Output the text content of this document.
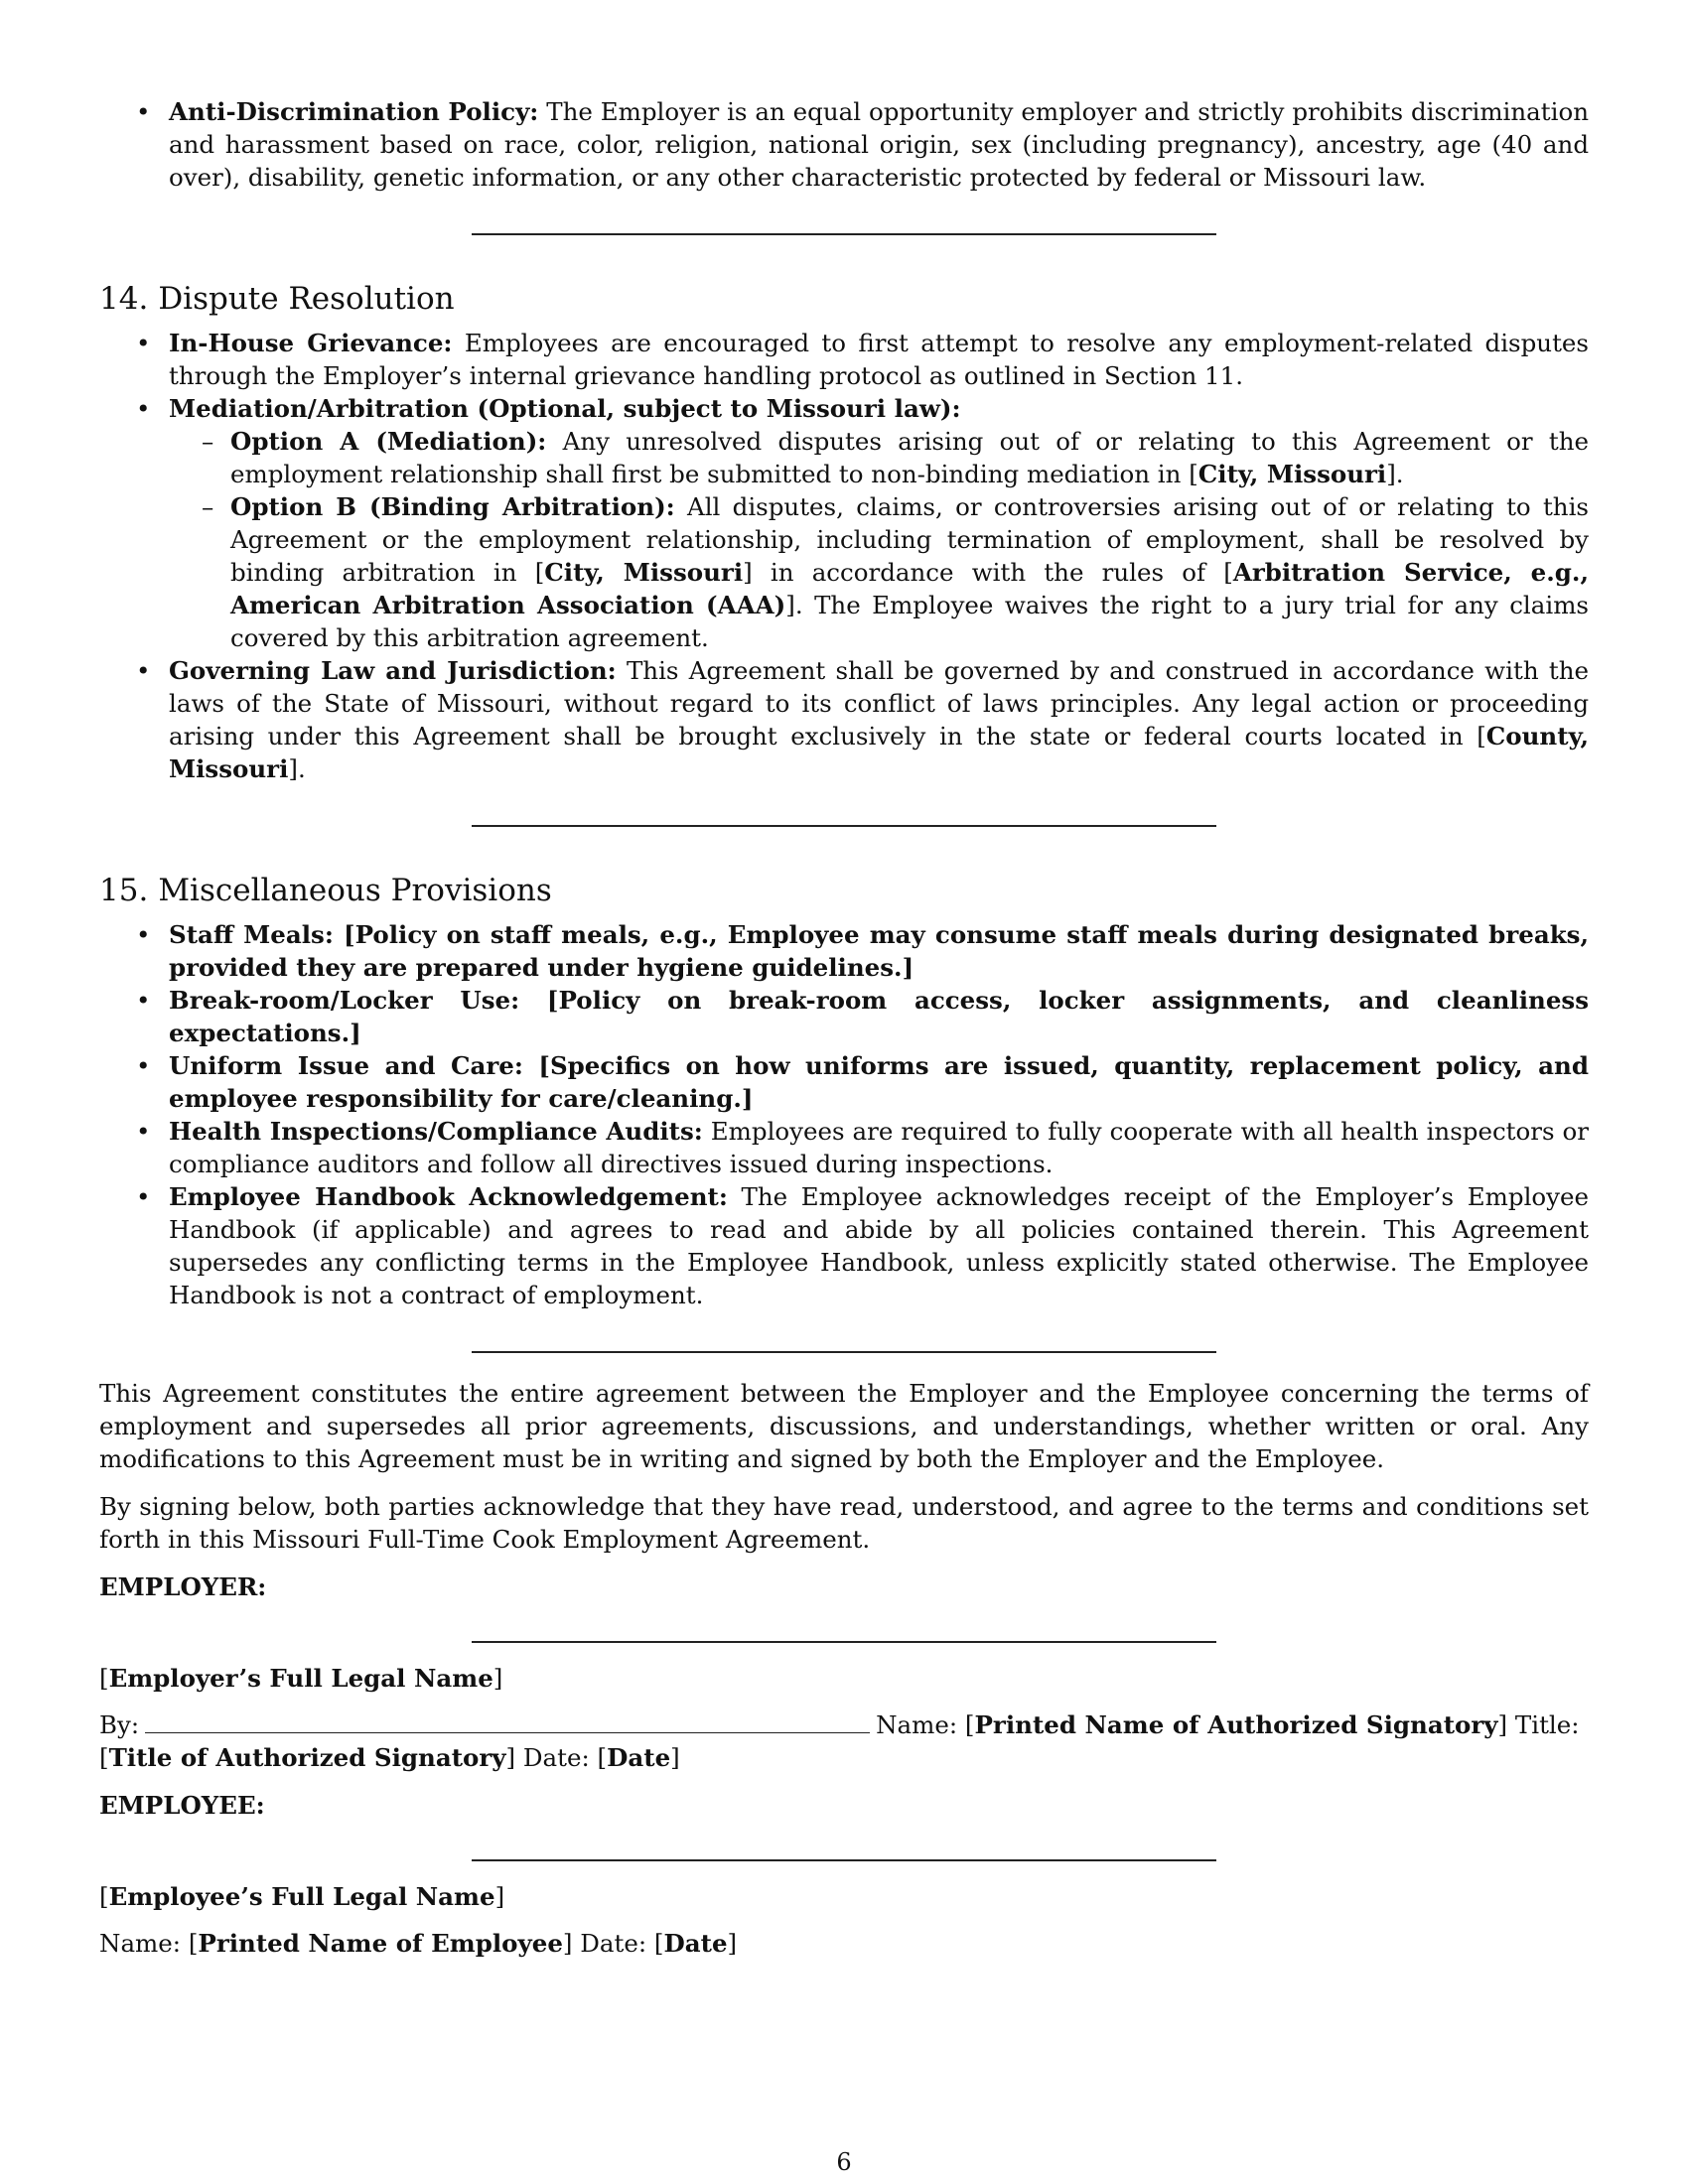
• Anti-Discrimination Policy: The Employer is an equal opportunity employer and strictly prohibits discrimination and harassment based on race, color, religion, national origin, sex (including pregnancy), ancestry, age (40 and over), disability, genetic information, or any other characteristic protected by federal or Missouri law.
14. Dispute Resolution
• In-House Grievance: Employees are encouraged to first attempt to resolve any employment-related disputes through the Employer’s internal grievance handling protocol as outlined in Section 11.
• Mediation/Arbitration (Optional, subject to Missouri law):
– Option A (Mediation): Any unresolved disputes arising out of or relating to this Agreement or the employment relationship shall first be submitted to non-binding mediation in [City, Missouri].
– Option B (Binding Arbitration): All disputes, claims, or controversies arising out of or relating to this Agreement or the employment relationship, including termination of employment, shall be resolved by binding arbitration in [City, Missouri] in accordance with the rules of [Arbitration Service, e.g., American Arbitration Association (AAA)]. The Employee waives the right to a jury trial for any claims covered by this arbitration agreement.
• Governing Law and Jurisdiction: This Agreement shall be governed by and construed in accordance with the laws of the State of Missouri, without regard to its conflict of laws principles. Any legal action or proceeding arising under this Agreement shall be brought exclusively in the state or federal courts located in [County, Missouri].
15. Miscellaneous Provisions
• Staff Meals: [Policy on staff meals, e.g., Employee may consume staff meals during designated breaks, provided they are prepared under hygiene guidelines.]
• Break-room/Locker Use: [Policy on break-room access, locker assignments, and cleanliness expectations.]
• Uniform Issue and Care: [Specifics on how uniforms are issued, quantity, replacement policy, and employee responsibility for care/cleaning.]
• Health Inspections/Compliance Audits: Employees are required to fully cooperate with all health inspectors or compliance auditors and follow all directives issued during inspections.
• Employee Handbook Acknowledgement: The Employee acknowledges receipt of the Employer’s Employee Handbook (if applicable) and agrees to read and abide by all policies contained therein. This Agreement supersedes any conflicting terms in the Employee Handbook, unless explicitly stated otherwise. The Employee Handbook is not a contract of employment.

This Agreement constitutes the entire agreement between the Employer and the Employee concerning the terms of employment and supersedes all prior agreements, discussions, and understandings, whether written or oral. Any modifications to this Agreement must be in writing and signed by both the Employer and the Employee.

By signing below, both parties acknowledge that they have read, understood, and agree to the terms and conditions set forth in this Missouri Full-Time Cook Employment Agreement.

EMPLOYER:
[Employer’s Full Legal Name]
By:	Name: [ Printed Name of Authorized Signatory ] Title:
[Title of Authorized Signatory] Date: [Date]
EMPLOYEE:
[Employee’s Full Legal Name]
Name: [Printed Name of Employee] Date: [Date]
6
